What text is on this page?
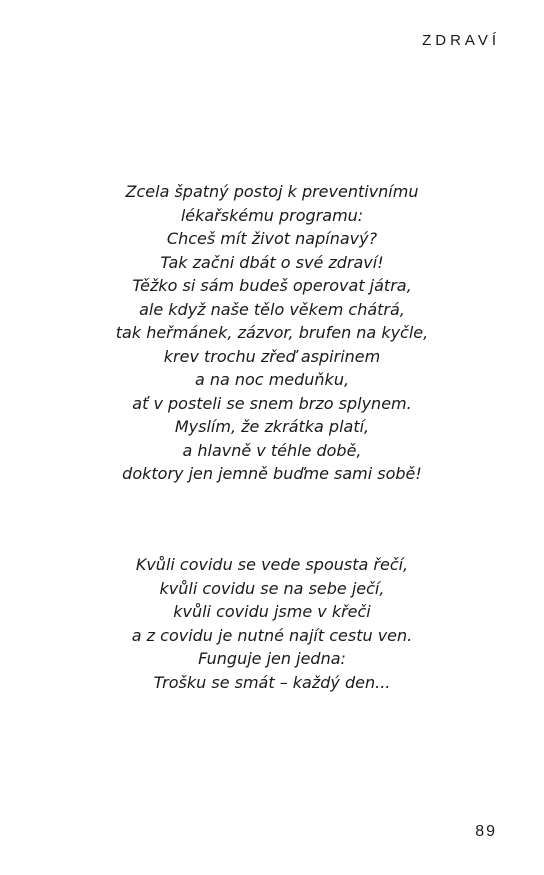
ZDRAVÍ
Zcela špatný postoj k preventivnímu
lékařskému programu:
Chceš mít život napínavý?
Tak začni dbát o své zdraví!
Těžko si sám budeš operovat játra,
ale když naše tělo věkem chátrá,
tak heřmánek, zázvor, brufen na kyčle,
krev trochu zřeď aspirinem
a na noc meduňku,
ať v posteli se snem brzo splynem.
Myslím, že zkrátka platí,
a hlavně v téhle době,
doktory jen jemně buďme sami sobě!
Kvůli covidu se vede spousta řečí,
kvůli covidu se na sebe ječí,
kvůli covidu jsme v křeči
a z covidu je nutné najít cestu ven.
Funguje jen jedna:
Trošku se smát – každý den...
89
